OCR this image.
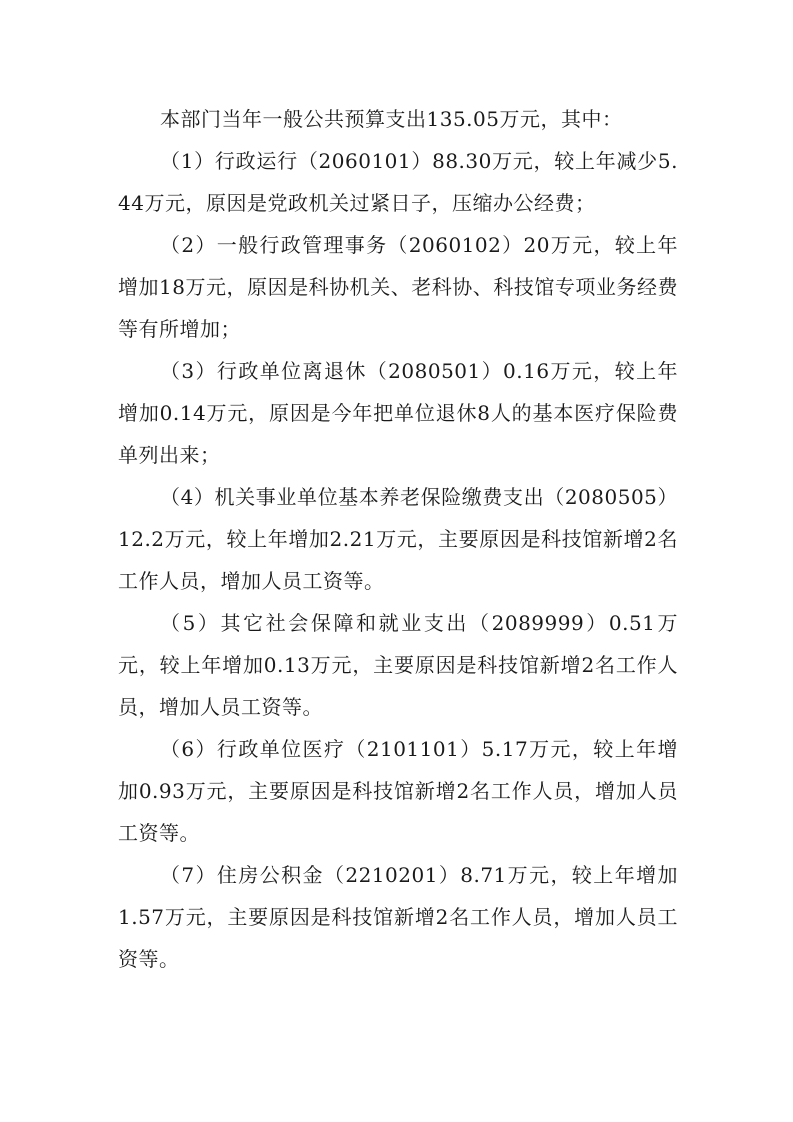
本部门当年一般公共预算支出135.05万元，其中：

（1）行政运行（2060101）88.30万元，较上年减少5.44万元，原因是党政机关过紧日子，压缩办公经费；

（2）一般行政管理事务（2060102）20万元，较上年增加18万元，原因是科协机关、老科协、科技馆专项业务经费等有所增加；

（3）行政单位离退休（2080501）0.16万元，较上年增加0.14万元，原因是今年把单位退休8人的基本医疗保险费单列出来；

（4）机关事业单位基本养老保险缴费支出（2080505）12.2万元，较上年增加2.21万元，主要原因是科技馆新增2名工作人员，增加人员工资等。

（5）其它社会保障和就业支出（2089999）0.51万元，较上年增加0.13万元，主要原因是科技馆新增2名工作人员，增加人员工资等。

（6）行政单位医疗（2101101）5.17万元，较上年增加0.93万元，主要原因是科技馆新增2名工作人员，增加人员工资等。

（7）住房公积金（2210201）8.71万元，较上年增加1.57万元，主要原因是科技馆新增2名工作人员，增加人员工资等。
